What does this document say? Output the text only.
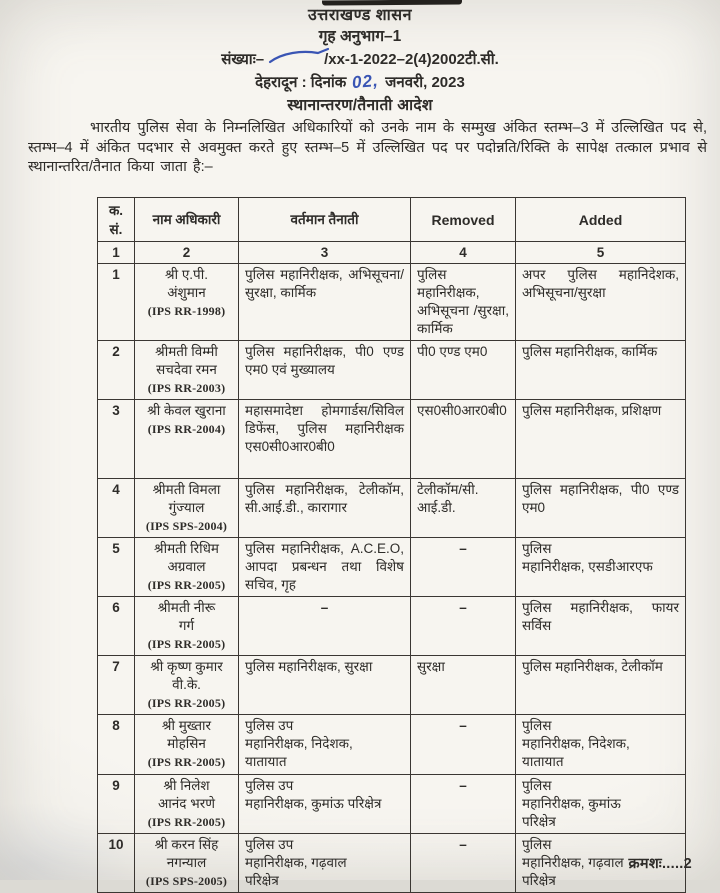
उत्तराखण्ड शासन
गृह अनुभाग–1
संख्याः–	/xx-1-2022–2(4)2002टी.सी.
देहरादून : दिनांक 02, जनवरी, 2023
स्थानान्तरण/तैनाती आदेश
भारतीय पुलिस सेवा के निम्नलिखित अधिकारियों को उनके नाम के सम्मुख अंकित स्तम्भ–3 में उल्लिखित पद से, स्तम्भ–4 में अंकित पदभार से अवमुक्त करते हुए स्तम्भ–5 में उल्लिखित पद पर पदोन्नति/रिक्ति के सापेक्ष तत्काल प्रभाव से स्थानान्तरित/तैनात किया जाता है:–
क.
सं.	नाम अधिकारी	वर्तमान तैनाती	Removed	Added
1	2	3	4	5
1	श्री ए.पी.
अंशुमान
(IPS RR-1998)	पुलिस महानिरीक्षक, अभिसूचना/सुरक्षा, कार्मिक	पुलिस महानिरीक्षक, अभिसूचना /सुरक्षा, कार्मिक	अपर पुलिस महानिदेशक, अभिसूचना/सुरक्षा
2	श्रीमती विम्मी
सचदेवा रमन
(IPS RR-2003)	पुलिस महानिरीक्षक, पी0 एण्ड एम0 एवं मुख्यालय	पी0 एण्ड एम0	पुलिस महानिरीक्षक, कार्मिक
3	श्री केवल खुराना
(IPS RR-2004)	महासमादेष्टा होमगार्डस/सिविल डिफेंस, पुलिस महानिरीक्षक एस0सी0आर0बी0	एस0सी0आर0बी0	पुलिस महानिरीक्षक, प्रशिक्षण
4	श्रीमती विमला
गुंज्याल
(IPS SPS-2004)	पुलिस महानिरीक्षक, टेलीकॉम, सी.आई.डी., कारागार	टेलीकॉम/सी. आई.डी.	पुलिस महानिरीक्षक, पी0 एण्ड एम0
5	श्रीमती रिधिम
अग्रवाल
(IPS RR-2005)
	पुलिस महानिरीक्षक, A.C.E.O, आपदा प्रबन्धन तथा विशेष सचिव, गृह	–	पुलिस
महानिरीक्षक, एसडीआरएफ
6	श्रीमती नीरू
गर्ग
(IPS RR-2005)	–	–	पुलिस महानिरीक्षक, फायर सर्विस
7	श्री कृष्ण कुमार
वी.के.
(IPS RR-2005)	पुलिस महानिरीक्षक, सुरक्षा	सुरक्षा	पुलिस महानिरीक्षक, टेलीकॉम
8	श्री मुख्तार
मोहसिन
(IPS RR-2005)
	पुलिस उप
महानिरीक्षक, निदेशक,
यातायात	–	पुलिस
महानिरीक्षक, निदेशक,
यातायात
9	श्री निलेश
आनंद भरणे
(IPS RR-2005)
	पुलिस उप
महानिरीक्षक, कुमांऊ परिक्षेत्र	–	पुलिस
महानिरीक्षक, कुमांऊ
परिक्षेत्र
10	श्री करन सिंह
नगन्याल
(IPS SPS-2005)
	पुलिस उप
महानिरीक्षक, गढ़वाल
परिक्षेत्र	–	पुलिस
महानिरीक्षक, गढ़वाल
परिक्षेत्र
क्रमशः.....2
